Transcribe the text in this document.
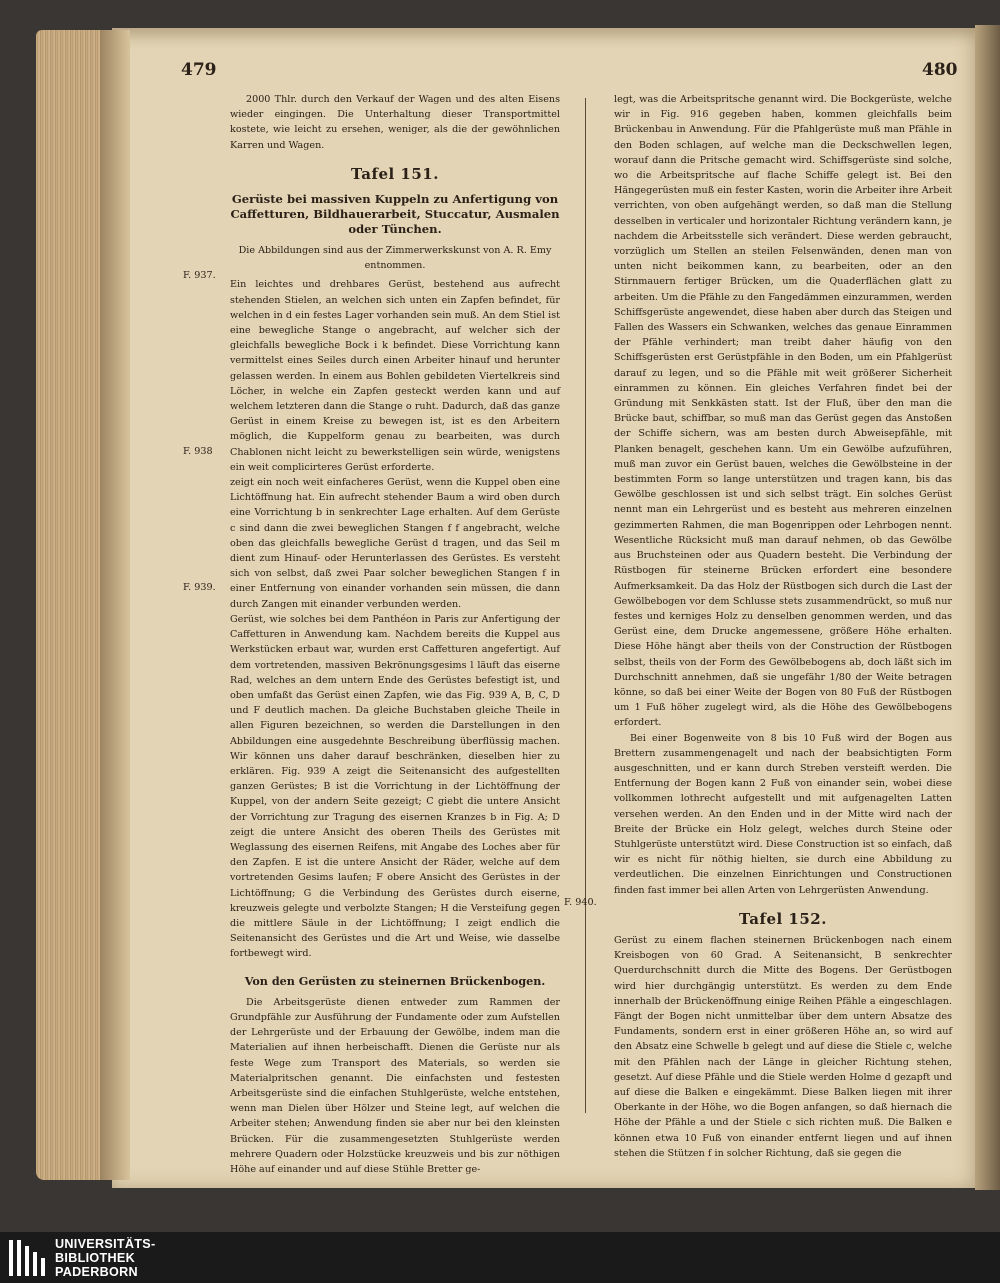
479	480
F. 937.
F. 938
F. 939.
F. 940.

2000 Thlr. durch den Verkauf der Wagen und des alten Eisens wieder eingingen. Die Unterhaltung dieser Transportmittel kostete, wie leicht zu ersehen, weniger, als die der gewöhnlichen Karren und Wagen.

Tafel 151.
Gerüste bei massiven Kuppeln zu Anfertigung von Caffetturen, Bildhauerarbeit, Stuccatur, Ausmalen oder Tünchen.

Die Abbildungen sind aus der Zimmerwerkskunst von A. R. Emy entnommen.

Ein leichtes und drehbares Gerüst, bestehend aus aufrecht stehenden Stielen, an welchen sich unten ein Zapfen befindet, für welchen in d ein festes Lager vorhanden sein muß. An dem Stiel ist eine bewegliche Stange o angebracht, auf welcher sich der gleichfalls bewegliche Bock i k befindet. Diese Vorrichtung kann vermittelst eines Seiles durch einen Arbeiter hinauf und herunter gelassen werden. In einem aus Bohlen gebildeten Viertelkreis sind Löcher, in welche ein Zapfen gesteckt werden kann und auf welchem letzteren dann die Stange o ruht. Dadurch, daß das ganze Gerüst in einem Kreise zu bewegen ist, ist es den Arbeitern möglich, die Kuppelform genau zu bearbeiten, was durch Chablonen nicht leicht zu bewerkstelligen sein würde, wenigstens ein weit complicirteres Gerüst erforderte.

zeigt ein noch weit einfacheres Gerüst, wenn die Kuppel oben eine Lichtöffnung hat. Ein aufrecht stehender Baum a wird oben durch eine Vorrichtung b in senkrechter Lage erhalten. Auf dem Gerüste c sind dann die zwei beweglichen Stangen f f angebracht, welche oben das gleichfalls bewegliche Gerüst d tragen, und das Seil m dient zum Hinauf- oder Herunterlassen des Gerüstes. Es versteht sich von selbst, daß zwei Paar solcher beweglichen Stangen f in einer Entfernung von einander vorhanden sein müssen, die dann durch Zangen mit einander verbunden werden.

Gerüst, wie solches bei dem Panthéon in Paris zur Anfertigung der Caffetturen in Anwendung kam. Nachdem bereits die Kuppel aus Werkstücken erbaut war, wurden erst Caffetturen angefertigt. Auf dem vortretenden, massiven Bekrönungsgesims l läuft das eiserne Rad, welches an dem untern Ende des Gerüstes befestigt ist, und oben umfaßt das Gerüst einen Zapfen, wie das Fig. 939 A, B, C, D und F deutlich machen. Da gleiche Buchstaben gleiche Theile in allen Figuren bezeichnen, so werden die Darstellungen in den Abbildungen eine ausgedehnte Beschreibung überflüssig machen. Wir können uns daher darauf beschränken, dieselben hier zu erklären. Fig. 939 A zeigt die Seitenansicht des aufgestellten ganzen Gerüstes; B ist die Vorrichtung in der Lichtöffnung der Kuppel, von der andern Seite gezeigt; C giebt die untere Ansicht der Vorrichtung zur Tragung des eisernen Kranzes b in Fig. A; D zeigt die untere Ansicht des oberen Theils des Gerüstes mit Weglassung des eisernen Reifens, mit Angabe des Loches aber für den Zapfen. E ist die untere Ansicht der Räder, welche auf dem vortretenden Gesims laufen; F obere Ansicht des Gerüstes in der Lichtöffnung; G die Verbindung des Gerüstes durch eiserne, kreuzweis gelegte und verbolzte Stangen; H die Versteifung gegen die mittlere Säule in der Lichtöffnung; I zeigt endlich die Seitenansicht des Gerüstes und die Art und Weise, wie dasselbe fortbewegt wird.

Von den Gerüsten zu steinernen Brückenbogen.

Die Arbeitsgerüste dienen entweder zum Rammen der Grundpfähle zur Ausführung der Fundamente oder zum Aufstellen der Lehrgerüste und der Erbauung der Gewölbe, indem man die Materialien auf ihnen herbeischafft. Dienen die Gerüste nur als feste Wege zum Transport des Materials, so werden sie Materialpritschen genannt. Die einfachsten und festesten Arbeitsgerüste sind die einfachen Stuhlgerüste, welche entstehen, wenn man Dielen über Hölzer und Steine legt, auf welchen die Arbeiter stehen; Anwendung finden sie aber nur bei den kleinsten Brücken. Für die zusammengesetzten Stuhlgerüste werden mehrere Quadern oder Holzstücke kreuzweis und bis zur nöthigen Höhe auf einander und auf diese Stühle Bretter ge-

legt, was die Arbeitspritsche genannt wird. Die Bockgerüste, welche wir in Fig. 916 gegeben haben, kommen gleichfalls beim Brückenbau in Anwendung. Für die Pfahlgerüste muß man Pfähle in den Boden schlagen, auf welche man die Deckschwellen legen, worauf dann die Pritsche gemacht wird. Schiffsgerüste sind solche, wo die Arbeitspritsche auf flache Schiffe gelegt ist. Bei den Hängegerüsten muß ein fester Kasten, worin die Arbeiter ihre Arbeit verrichten, von oben aufgehängt werden, so daß man die Stellung desselben in verticaler und horizontaler Richtung verändern kann, je nachdem die Arbeitsstelle sich verändert. Diese werden gebraucht, vorzüglich um Stellen an steilen Felsenwänden, denen man von unten nicht beikommen kann, zu bearbeiten, oder an den Stirnmauern fertiger Brücken, um die Quaderflächen glatt zu arbeiten. Um die Pfähle zu den Fangedämmen einzurammen, werden Schiffsgerüste angewendet, diese haben aber durch das Steigen und Fallen des Wassers ein Schwanken, welches das genaue Einrammen der Pfähle verhindert; man treibt daher häufig von den Schiffsgerüsten erst Gerüstpfähle in den Boden, um ein Pfahlgerüst darauf zu legen, und so die Pfähle mit weit größerer Sicherheit einrammen zu können. Ein gleiches Verfahren findet bei der Gründung mit Senkkästen statt. Ist der Fluß, über den man die Brücke baut, schiffbar, so muß man das Gerüst gegen das Anstoßen der Schiffe sichern, was am besten durch Abweisepfähle, mit Planken benagelt, geschehen kann. Um ein Gewölbe aufzuführen, muß man zuvor ein Gerüst bauen, welches die Gewölbsteine in der bestimmten Form so lange unterstützen und tragen kann, bis das Gewölbe geschlossen ist und sich selbst trägt. Ein solches Gerüst nennt man ein Lehrgerüst und es besteht aus mehreren einzelnen gezimmerten Rahmen, die man Bogenrippen oder Lehrbogen nennt. Wesentliche Rücksicht muß man darauf nehmen, ob das Gewölbe aus Bruchsteinen oder aus Quadern besteht. Die Verbindung der Rüstbogen für steinerne Brücken erfordert eine besondere Aufmerksamkeit. Da das Holz der Rüstbogen sich durch die Last der Gewölbebogen vor dem Schlusse stets zusammendrückt, so muß nur festes und kerniges Holz zu denselben genommen werden, und das Gerüst eine, dem Drucke angemessene, größere Höhe erhalten. Diese Höhe hängt aber theils von der Construction der Rüstbogen selbst, theils von der Form des Gewölbebogens ab, doch läßt sich im Durchschnitt annehmen, daß sie ungefähr 1/80 der Weite betragen könne, so daß bei einer Weite der Bogen von 80 Fuß der Rüstbogen um 1 Fuß höher zugelegt wird, als die Höhe des Gewölbebogens erfordert.

Bei einer Bogenweite von 8 bis 10 Fuß wird der Bogen aus Brettern zusammengenagelt und nach der beabsichtigten Form ausgeschnitten, und er kann durch Streben versteift werden. Die Entfernung der Bogen kann 2 Fuß von einander sein, wobei diese vollkommen lothrecht aufgestellt und mit aufgenagelten Latten versehen werden. An den Enden und in der Mitte wird nach der Breite der Brücke ein Holz gelegt, welches durch Steine oder Stuhlgerüste unterstützt wird. Diese Construction ist so einfach, daß wir es nicht für nöthig hielten, sie durch eine Abbildung zu verdeutlichen. Die einzelnen Einrichtungen und Constructionen finden fast immer bei allen Arten von Lehrgerüsten Anwendung.

Tafel 152.

Gerüst zu einem flachen steinernen Brückenbogen nach einem Kreisbogen von 60 Grad. A Seitenansicht, B senkrechter Querdurchschnitt durch die Mitte des Bogens. Der Gerüstbogen wird hier durchgängig unterstützt. Es werden zu dem Ende innerhalb der Brückenöffnung einige Reihen Pfähle a eingeschlagen. Fängt der Bogen nicht unmittelbar über dem untern Absatze des Fundaments, sondern erst in einer größeren Höhe an, so wird auf den Absatz eine Schwelle b gelegt und auf diese die Stiele c, welche mit den Pfählen nach der Länge in gleicher Richtung stehen, gesetzt. Auf diese Pfähle und die Stiele werden Holme d gezapft und auf diese die Balken e eingekämmt. Diese Balken liegen mit ihrer Oberkante in der Höhe, wo die Bogen anfangen, so daß hiernach die Höhe der Pfähle a und der Stiele c sich richten muß. Die Balken e können etwa 10 Fuß von einander entfernt liegen und auf ihnen stehen die Stützen f in solcher Richtung, daß sie gegen die

UNIVERSITÄTS-
BIBLIOTHEK
PADERBORN
